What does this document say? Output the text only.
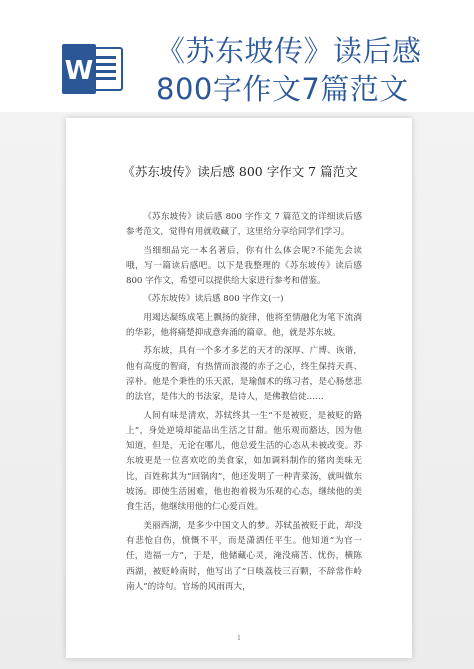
W
《苏东坡传》读后感800字作文7篇范文
《苏东坡传》读后感 800 字作文 7 篇范文

《苏东坡传》读后感 800 字作文 7 篇范文的详细读后感参考范文，觉得有用就收藏了，这里给分享给同学们学习。

当细细品完一本名著后，你有什么体会呢?不能先会读哦，写一篇读后感吧。以下是我整理的《苏东坡传》读后感 800 字作文，希望可以提供给大家进行参考和借鉴。

《苏东坡传》读后感 800 字作文(一)

用竭达凝练成笔上飘扬的旋律，他将至情融化为笔下流淌的华彩，他将痛楚抑成意奔涌的篇章。他，就是苏东坡。

苏东坡，具有一个多才多艺的天才的深厚、广博、诙谐，他有高度的智商，有热情而浪漫的赤子之心，终生保持天真、淳朴。他是个秉性的乐天派，是瑜伽术的练习者，是心肠慈悲的法官，是伟大的书法家，是诗人，是佛教信徒……

人间有味是清欢，苏轼终其一生“不是被贬，是被贬的路上”，身处逆境却能品出生活之甘甜。他乐观而豁达，因为他知道，但是，无论在哪儿，他总爱生活的心态从未被改变。苏东坡更是一位喜欢吃的美食家，如加调料制作的猪肉美味无比，百姓称其为“回锅肉”，他还发明了一种青菜汤，就叫做东坡汤。即使生活困难，他也抱着极为乐观的心态，继续他的美食生活，他继续用他的仁心爱百姓。

美丽西湖，是多少中国文人的梦。苏轼虽被贬于此，却没有悲怆自伤，愤慨不平，而是潇洒任平生。他知道“为官一任，造福一方”，于是，他储藏心灵，淹没痛苦、忧伤，横陈西湖，被贬岭南时，他写出了“日啖荔枝三百颗，不辞常作岭南人”的诗句。官场的风雨再大，

1
